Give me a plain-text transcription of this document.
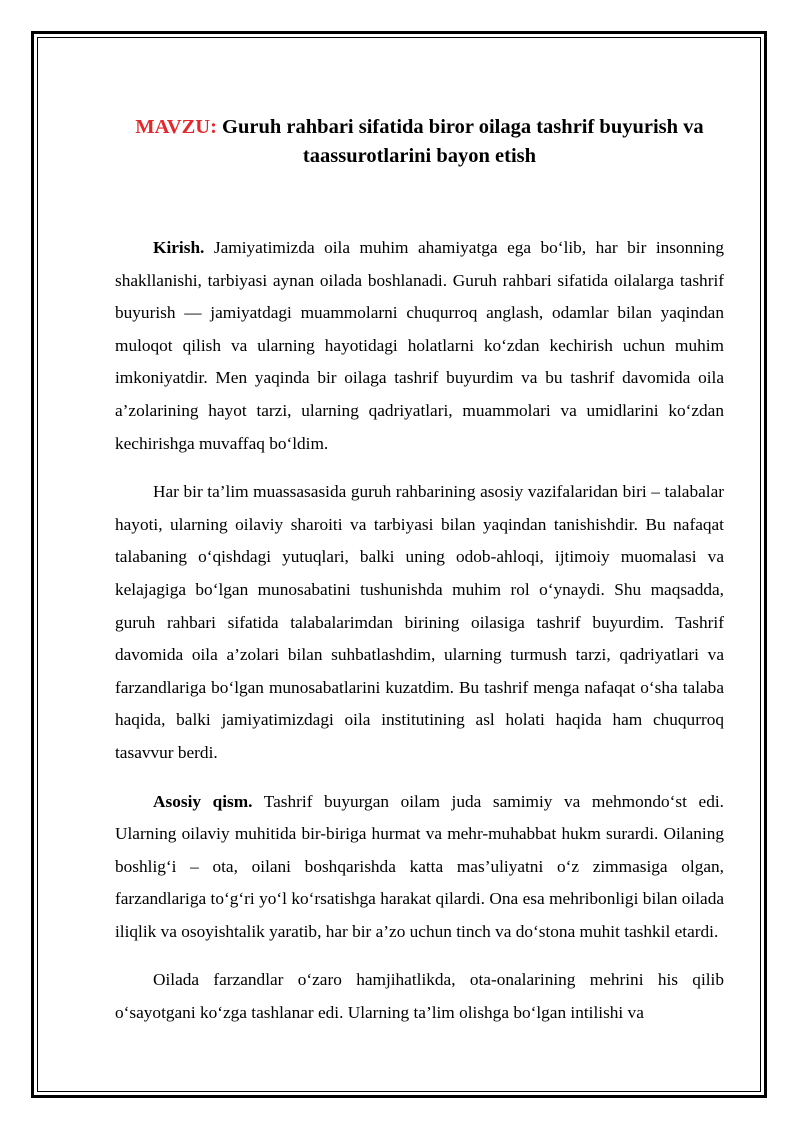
MAVZU: Guruh rahbari sifatida biror oilaga tashrif buyurish va
taassurotlarini bayon etish

Kirish. Jamiyatimizda oila muhim ahamiyatga ega bo‘lib, har bir insonning shakllanishi, tarbiyasi aynan oilada boshlanadi. Guruh rahbari sifatida oilalarga tashrif buyurish — jamiyatdagi muammolarni chuqurroq anglash, odamlar bilan yaqindan muloqot qilish va ularning hayotidagi holatlarni ko‘zdan kechirish uchun muhim imkoniyatdir. Men yaqinda bir oilaga tashrif buyurdim va bu tashrif davomida oila a’zolarining hayot tarzi, ularning qadriyatlari, muammolari va umidlarini ko‘zdan kechirishga muvaffaq bo‘ldim.

Har bir ta’lim muassasasida guruh rahbarining asosiy vazifalaridan biri – talabalar hayoti, ularning oilaviy sharoiti va tarbiyasi bilan yaqindan tanishishdir. Bu nafaqat talabaning o‘qishdagi yutuqlari, balki uning odob-ahloqi, ijtimoiy muomalasi va kelajagiga bo‘lgan munosabatini tushunishda muhim rol o‘ynaydi. Shu maqsadda, guruh rahbari sifatida talabalarimdan birining oilasiga tashrif buyurdim. Tashrif davomida oila a’zolari bilan suhbatlashdim, ularning turmush tarzi, qadriyatlari va farzandlariga bo‘lgan munosabatlarini kuzatdim. Bu tashrif menga nafaqat o‘sha talaba haqida, balki jamiyatimizdagi oila institutining asl holati haqida ham chuqurroq tasavvur berdi.

Asosiy qism. Tashrif buyurgan oilam juda samimiy va mehmondo‘st edi. Ularning oilaviy muhitida bir-biriga hurmat va mehr-muhabbat hukm surardi. Oilaning boshlig‘i – ota, oilani boshqarishda katta mas’uliyatni o‘z zimmasiga olgan, farzandlariga to‘g‘ri yo‘l ko‘rsatishga harakat qilardi. Ona esa mehribonligi bilan oilada iliqlik va osoyishtalik yaratib, har bir a’zo uchun tinch va do‘stona muhit tashkil etardi.

Oilada farzandlar o‘zaro hamjihatlikda, ota-onalarining mehrini his qilib o‘sayotgani ko‘zga tashlanar edi. Ularning ta’lim olishga bo‘lgan intilishi va
